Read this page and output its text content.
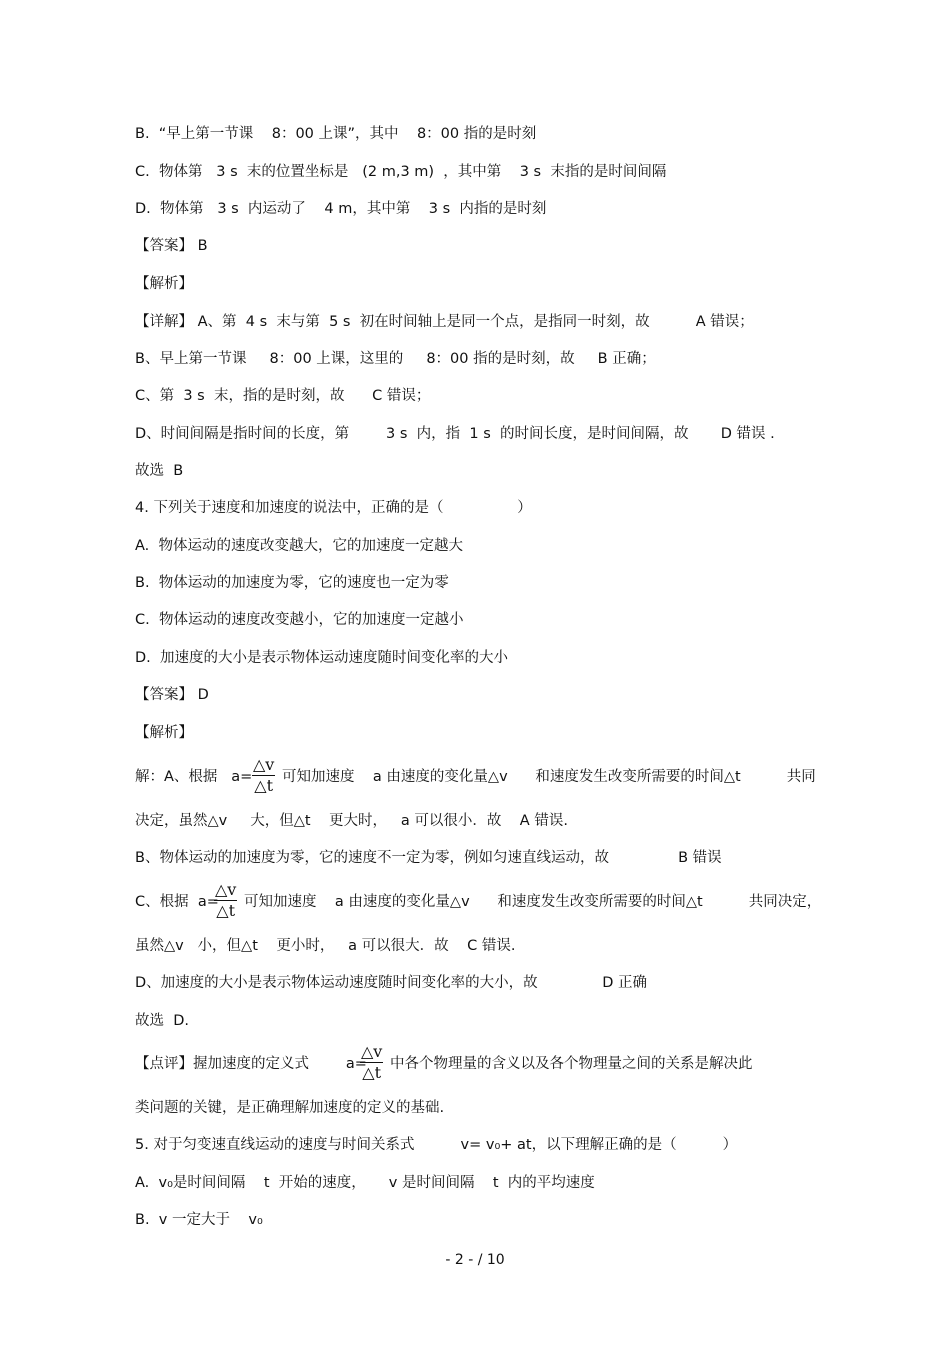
B.  “早上第一节课    8：00 上课”，其中    8：00 指的是时刻
C.  物体第   3 s  末的位置坐标是   (2 m,3 m)  ，其中第    3 s  末指的是时间间隔
D.  物体第   3 s  内运动了    4 m，其中第    3 s  内指的是时刻
【答案】 B
【解析】
【详解】 A、第  4 s  末与第  5 s  初在时间轴上是同一个点，是指同一时刻，故          A 错误；
B、早上第一节课     8：00 上课，这里的     8：00 指的是时刻，故     B 正确；
C、第  3 s  末，指的是时刻，故      C 错误；
D、时间间隔是指时间的长度，第        3 s  内，指  1 s  的时间长度，是时间间隔，故       D 错误 .
故选  B
4. 下列关于速度和加速度的说法中，正确的是（                ）
A.  物体运动的速度改变越大，它的加速度一定越大
B.  物体运动的加速度为零，它的速度也一定为零
C.  物体运动的速度改变越小，它的加速度一定越小
D.  加速度的大小是表示物体运动速度随时间变化率的大小
【答案】 D
【解析】
解：A、根据   $a= \frac{\triangle v}{\triangle t}$ 可知加速度    a 由速度的变化量△v      和速度发生改变所需要的时间△t          共同
决定，虽然△v     大，但△t    更大时，   a 可以很小．故    A 错误.
B、物体运动的加速度为零，它的速度不一定为零，例如匀速直线运动，故               B 错误
C、根据  a=
$\frac{\triangle v}{\triangle t}$ 可知加速度    a 由速度的变化量△v      和速度发生改变所需要的时间△t          共同决定，
虽然△v   小，但△t    更小时，   a 可以很大．故    C 错误.
D、加速度的大小是表示物体运动速度随时间变化率的大小，故              D 正确
故选  D.
【点评】握加速度的定义式        a=
$\frac{\triangle v}{\triangle t}$ 中各个物理量的含义以及各个物理量之间的关系是解决此
类问题的关键，是正确理解加速度的定义的基础.
5. 对于匀变速直线运动的速度与时间关系式          v= v₀+ at，以下理解正确的是（          ）
A.  v₀是时间间隔    t  开始的速度，     v 是时间间隔    t  内的平均速度
B.  v 一定大于    v₀
- 2 - / 10
